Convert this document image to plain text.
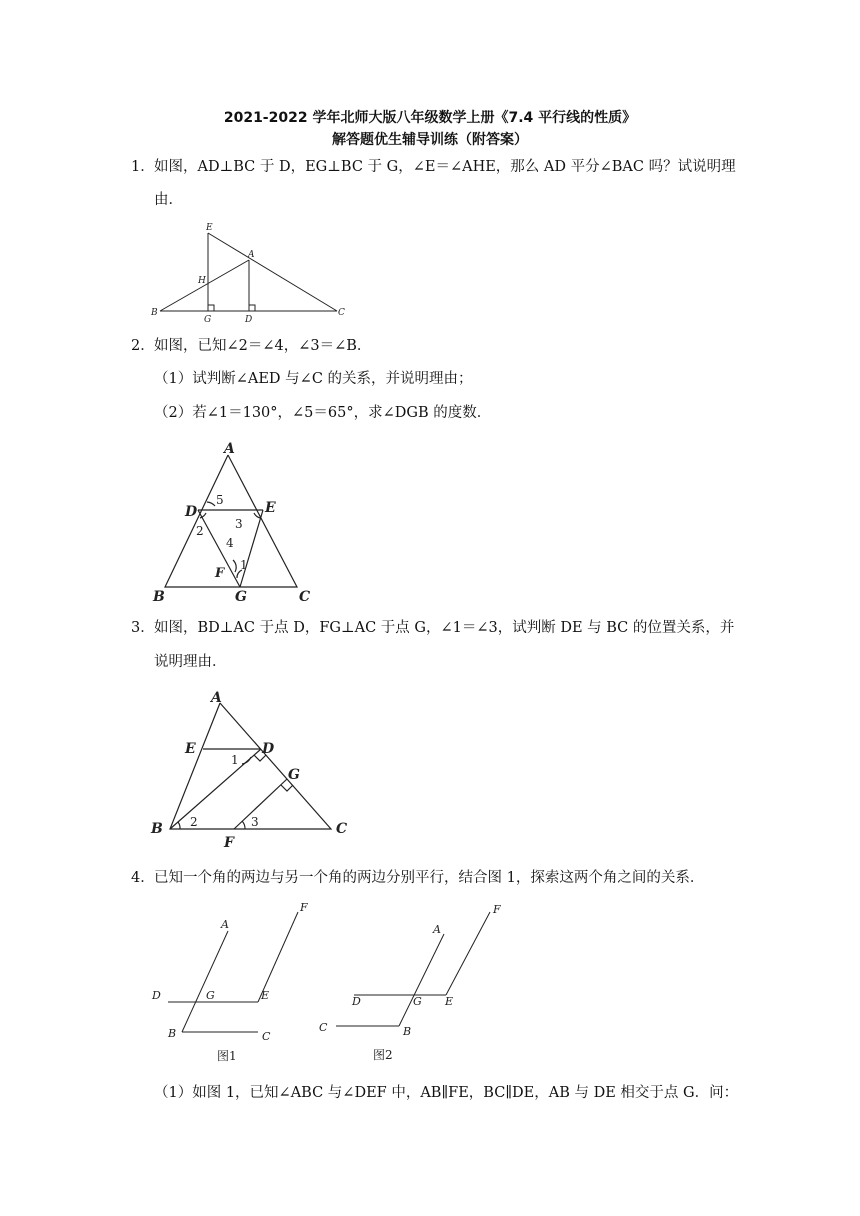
2021-2022 学年北师大版八年级数学上册《7.4 平行线的性质》
解答题优生辅导训练（附答案）
1． 如图，AD⊥BC 于 D，EG⊥BC 于 G，∠E＝∠AHE，那么 AD 平分∠BAC 吗？试说明理
由．
E
A
H
B
G	D
C
2． 如图，已知∠2＝∠4，∠3＝∠B．
（1）试判断∠AED 与∠C 的关系，并说明理由；
（2）若∠1＝130°，∠5＝65°，求∠DGB 的度数．
A
D	E
5
2	3
4
1
F
B	G	C
3． 如图，BD⊥AC 于点 D，FG⊥AC 于点 G，∠1＝∠3，试判断 DE 与 BC 的位置关系，并
说明理由．
A
E	D
1
G
B 2
F
3	C
4． 已知一个角的两边与另一个角的两边分别平行，结合图 1，探索这两个角之间的关系．
A
F
D	G	E
B	C
图1
F
A
D	G E
C	B
图2
（1）如图 1，已知∠ABC 与∠DEF 中，AB∥FE，BC∥DE，AB 与 DE 相交于点 G．问：
